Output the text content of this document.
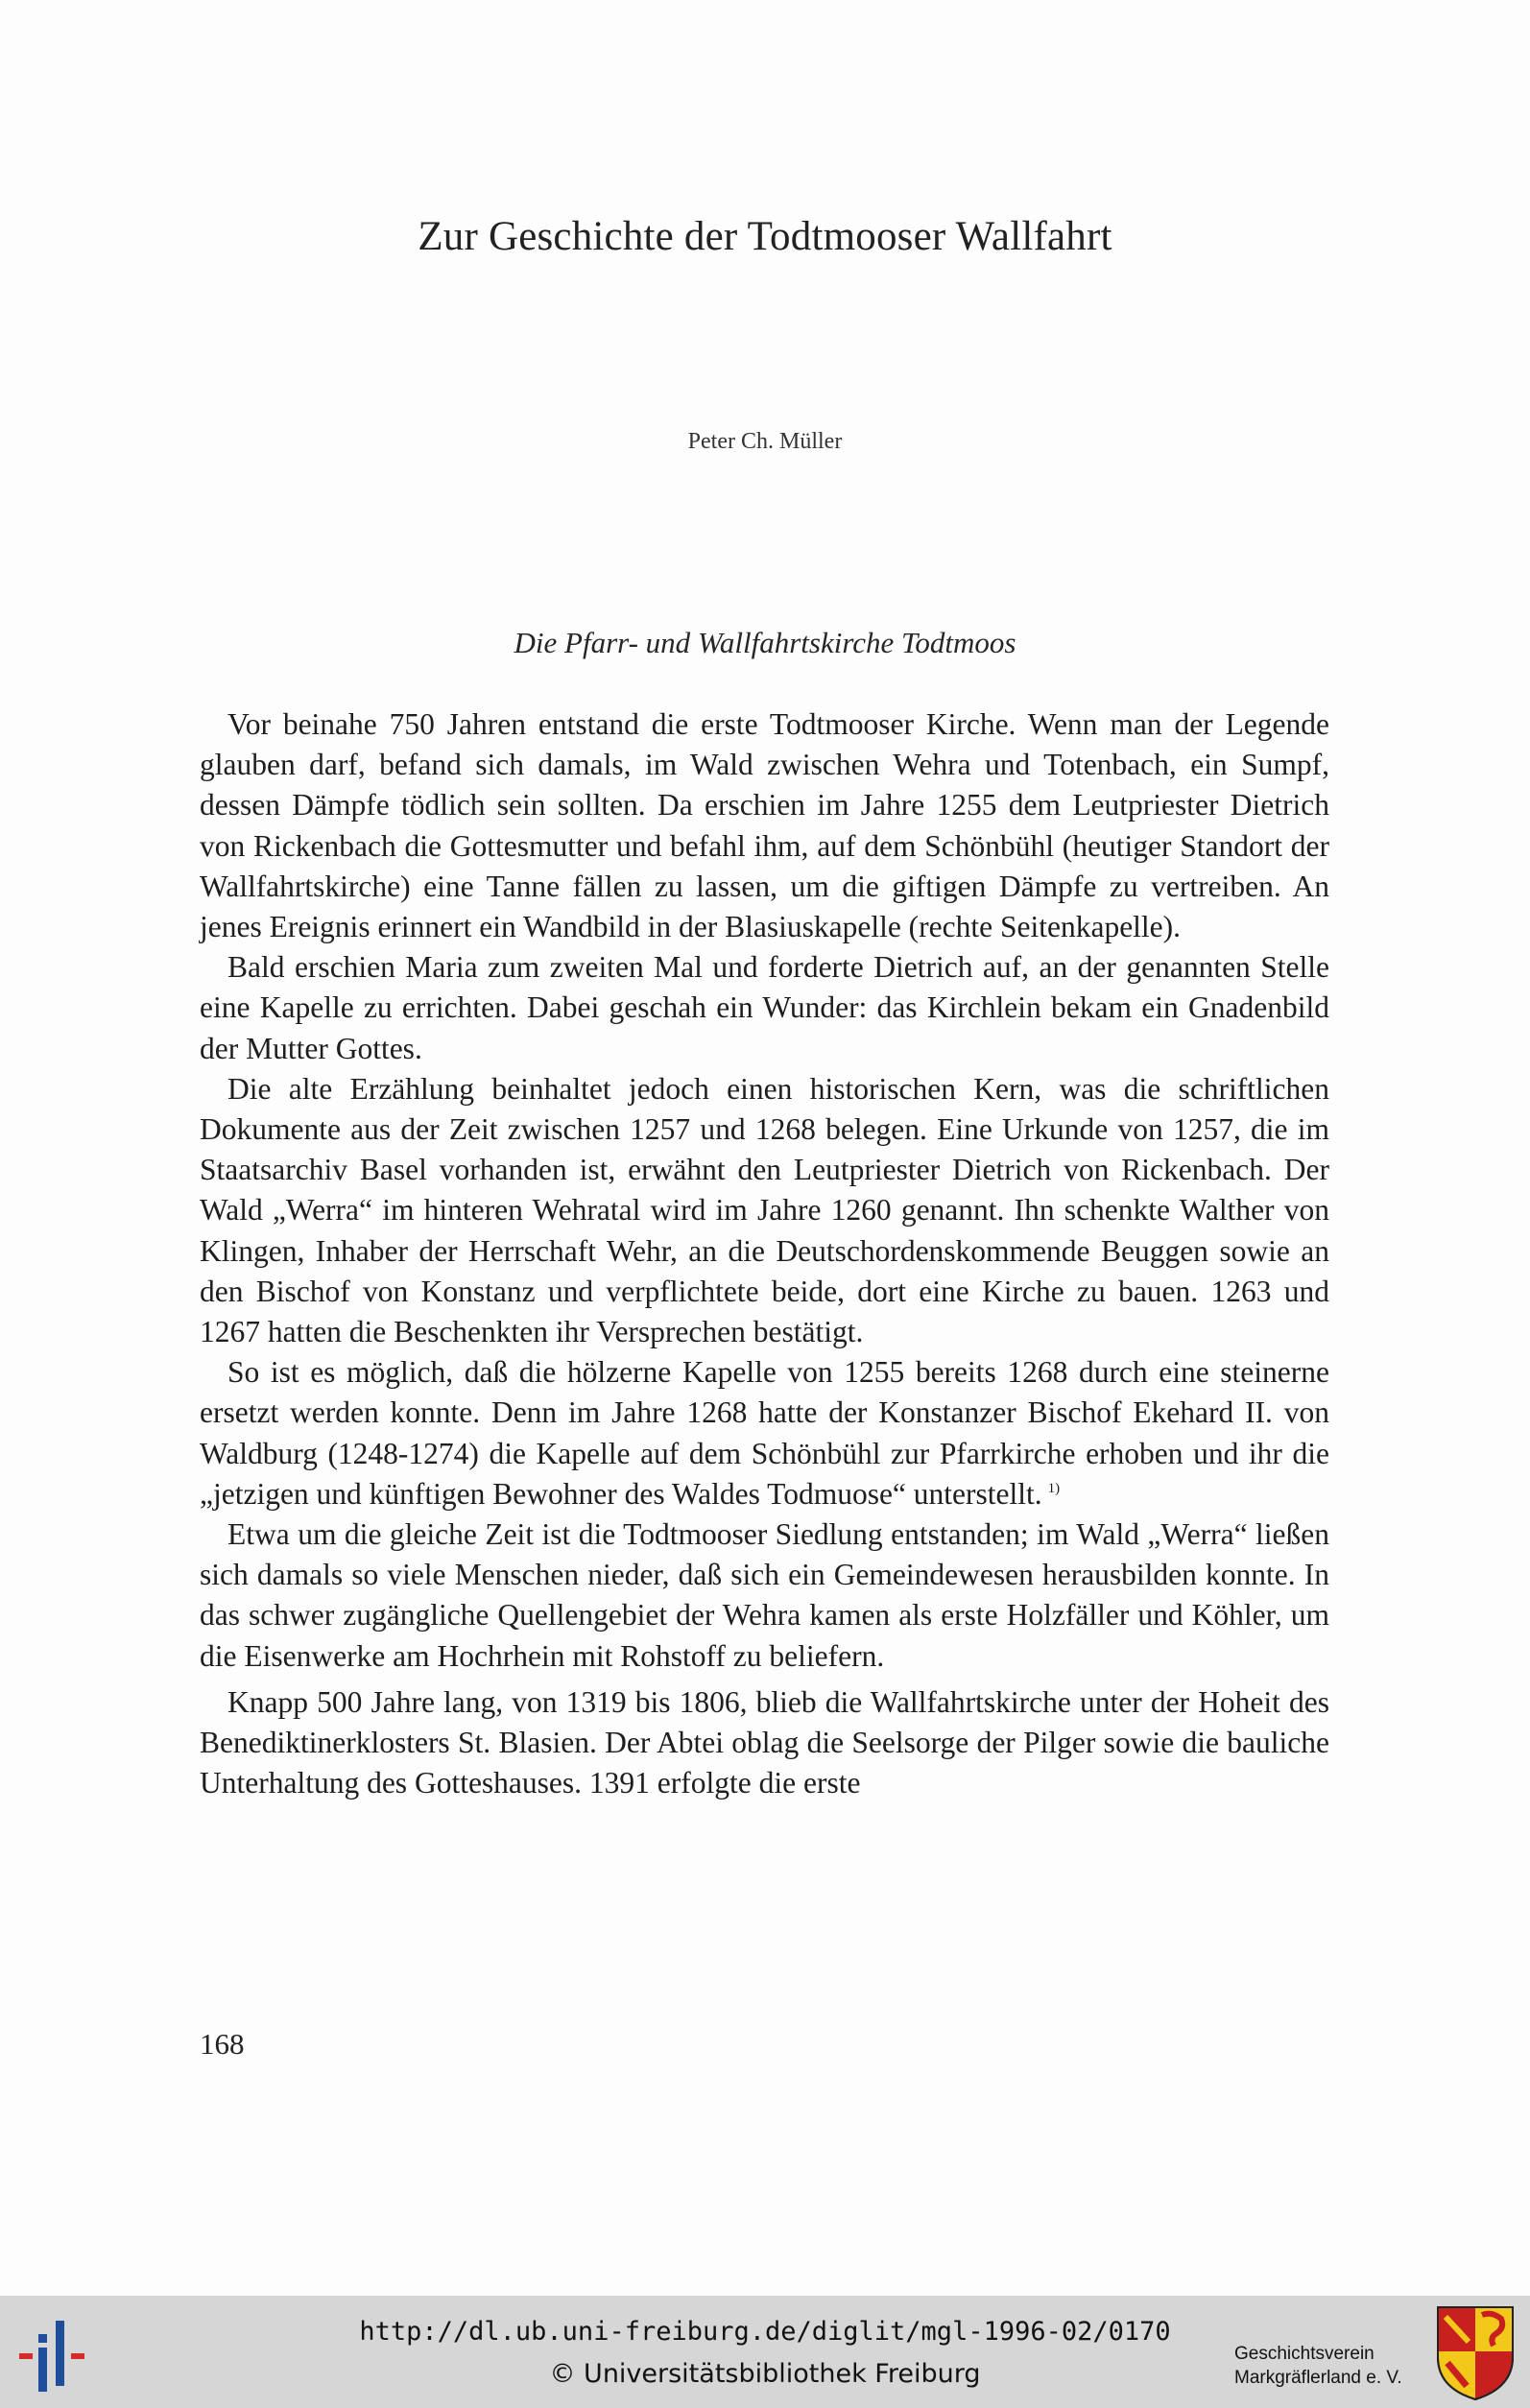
Zur Geschichte der Todtmooser Wallfahrt
Peter Ch. Müller
Die Pfarr- und Wallfahrtskirche Todtmoos

Vor beinahe 750 Jahren entstand die erste Todtmooser Kirche. Wenn man der Legende glauben darf, befand sich damals, im Wald zwischen Wehra und Totenbach, ein Sumpf, dessen Dämpfe tödlich sein sollten. Da erschien im Jahre 1255 dem Leutpriester Dietrich von Rickenbach die Gottesmutter und befahl ihm, auf dem Schönbühl (heutiger Standort der Wallfahrtskirche) eine Tanne fällen zu lassen, um die giftigen Dämpfe zu vertreiben. An jenes Ereignis erinnert ein Wandbild in der Blasiuskapelle (rechte Seitenkapelle).

Bald erschien Maria zum zweiten Mal und forderte Dietrich auf, an der genannten Stelle eine Kapelle zu errichten. Dabei geschah ein Wunder: das Kirchlein bekam ein Gnadenbild der Mutter Gottes.

Die alte Erzählung beinhaltet jedoch einen historischen Kern, was die schriftlichen Dokumente aus der Zeit zwischen 1257 und 1268 belegen. Eine Urkunde von 1257, die im Staatsarchiv Basel vorhanden ist, erwähnt den Leutpriester Dietrich von Rickenbach. Der Wald „Werra“ im hinteren Wehratal wird im Jahre 1260 genannt. Ihn schenkte Walther von Klingen, Inhaber der Herrschaft Wehr, an die Deutschordenskommende Beuggen sowie an den Bischof von Konstanz und verpflichtete beide, dort eine Kirche zu bauen. 1263 und 1267 hatten die Beschenkten ihr Versprechen bestätigt.

So ist es möglich, daß die hölzerne Kapelle von 1255 bereits 1268 durch eine steinerne ersetzt werden konnte. Denn im Jahre 1268 hatte der Konstanzer Bischof Ekehard II. von Waldburg (1248-1274) die Kapelle auf dem Schönbühl zur Pfarrkirche erhoben und ihr die „jetzigen und künftigen Bewohner des Waldes Todmuose“ unterstellt. $^{1)}$

Etwa um die gleiche Zeit ist die Todtmooser Siedlung entstanden; im Wald „Werra“ ließen sich damals so viele Menschen nieder, daß sich ein Gemeindewesen herausbilden konnte. In das schwer zugängliche Quellengebiet der Wehra kamen als erste Holzfäller und Köhler, um die Eisenwerke am Hochrhein mit Rohstoff zu beliefern.

Knapp 500 Jahre lang, von 1319 bis 1806, blieb die Wallfahrtskirche unter der Hoheit des Benediktinerklosters St. Blasien. Der Abtei oblag die Seelsorge der Pilger sowie die bauliche Unterhaltung des Gotteshauses. 1391 erfolgte die erste

168
http://dl.ub.uni-freiburg.de/diglit/mgl-1996-02/0170
© Universitätsbibliothek Freiburg
Geschichtsverein
Markgräflerland e. V.
